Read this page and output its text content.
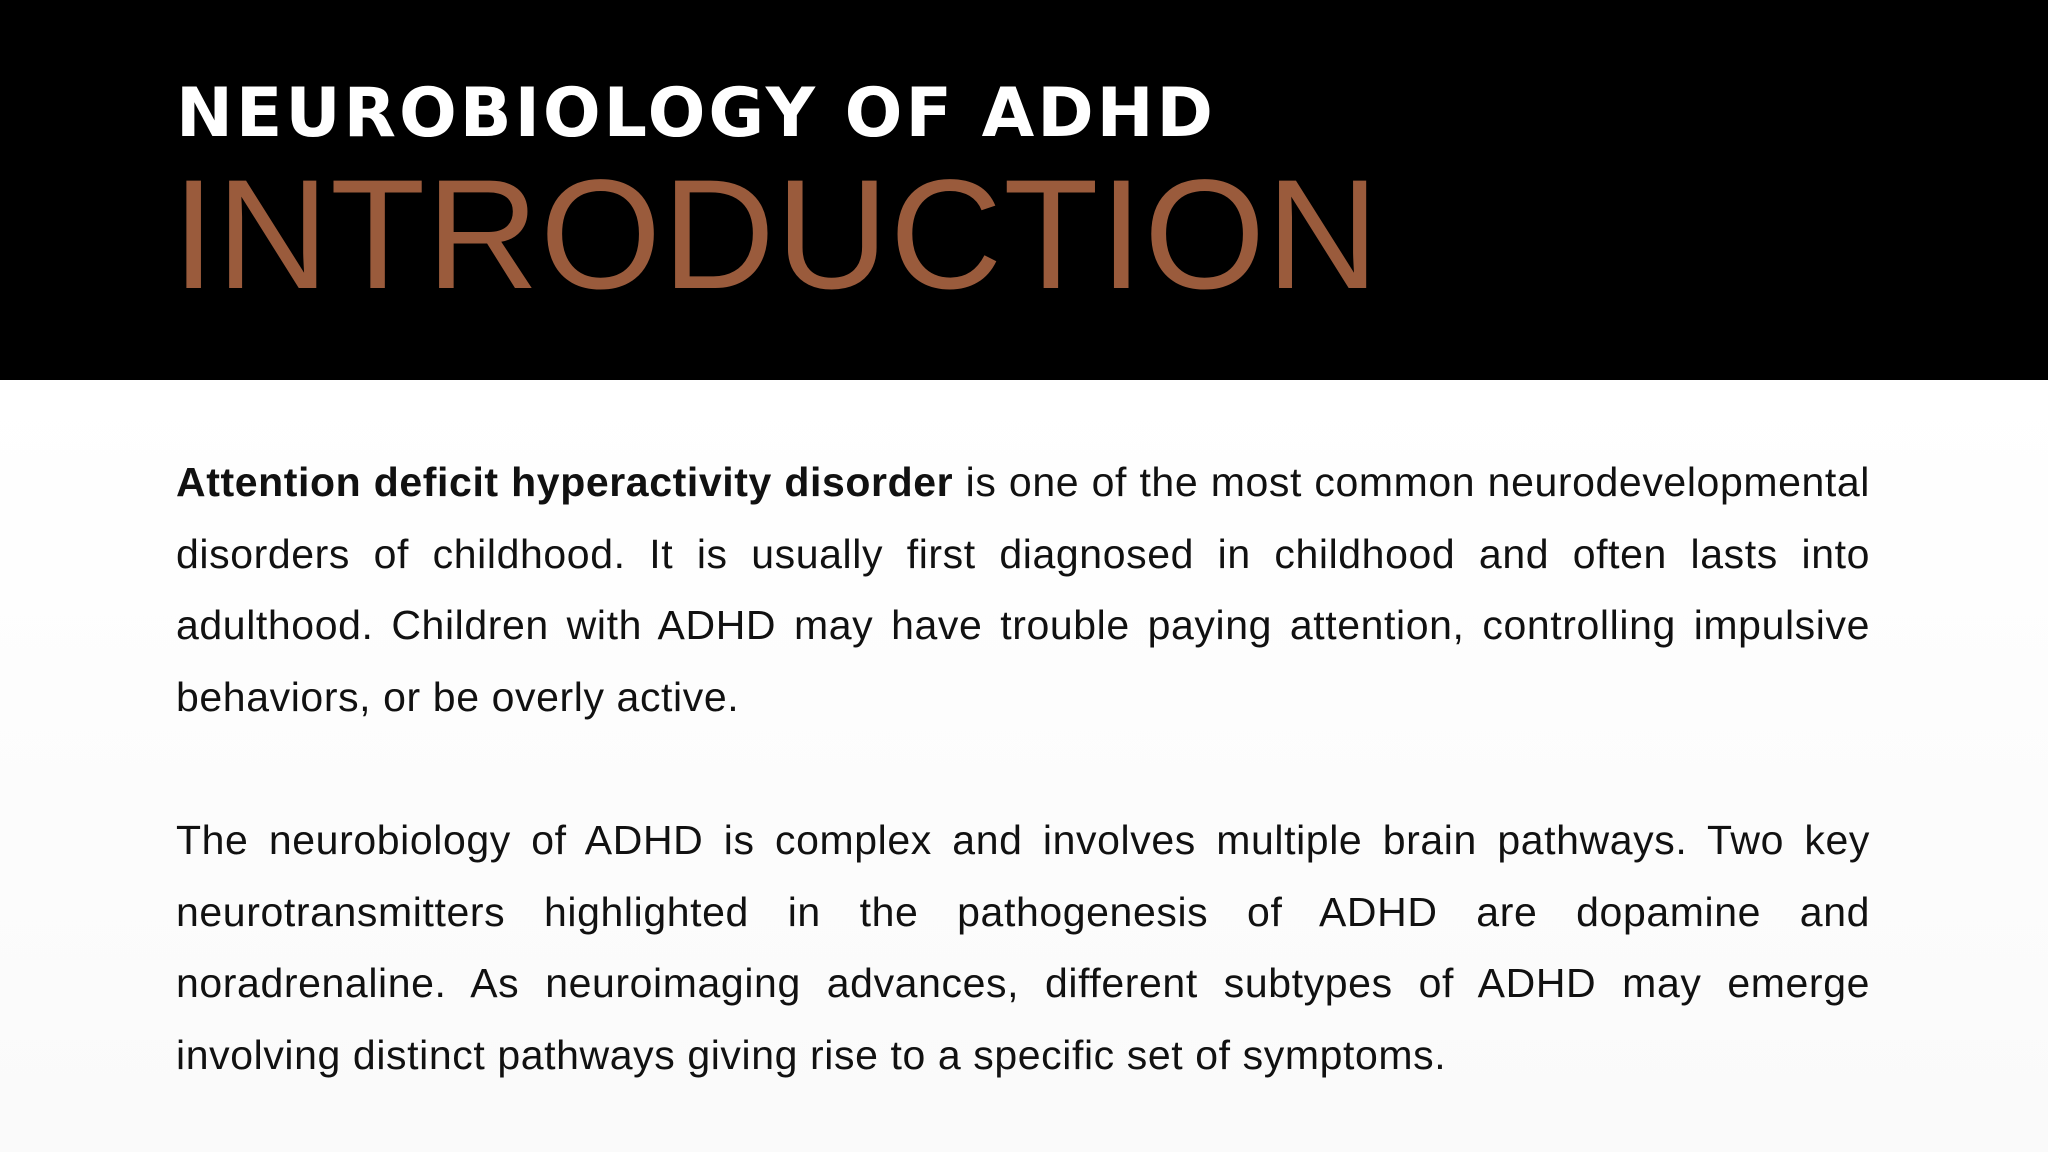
NEUROBIOLOGY OF ADHD
INTRODUCTION

Attention deficit hyperactivity disorder is one of the most common neurodevelopmental disorders of childhood. It is usually first diagnosed in childhood and often lasts into adulthood. Children with ADHD may have trouble paying attention, controlling impulsive behaviors, or be overly active.

The neurobiology of ADHD is complex and involves multiple brain pathways. Two key neurotransmitters highlighted in the pathogenesis of ADHD are dopamine and noradrenaline. As neuroimaging advances, different subtypes of ADHD may emerge involving distinct pathways giving rise to a specific set of symptoms.
